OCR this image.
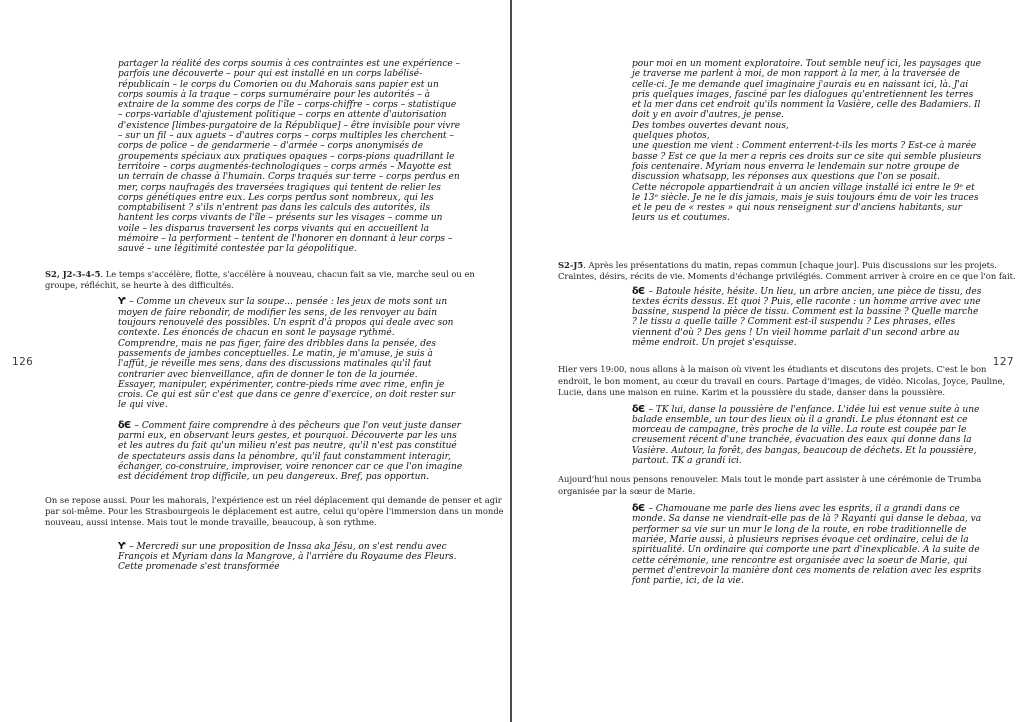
126

partager la réalité des corps soumis à ces contraintes est une expérience – parfois une découverte – pour qui est installé en un corps labélisé-républicain – le corps du Comorien ou du Mahorais sans papier est un corps soumis à la traque – corps surnuméraire pour les autorités – à extraire de la somme des corps de l'île – corps-chiffre – corps – statistique – corps-variable d'ajustement politique – corps en attente d'autorisation d'existence [limbes-purgatoire de la République] – être invisible pour vivre – sur un fil – aux aguets – d'autres corps – corps multiples les cherchent – corps de police – de gendarmerie – d'armée – corps anonymisés de groupements spéciaux aux pratiques opaques – corps-pions quadrillant le territoire – corps augmentés-technologiques – corps armés – Mayotte est un terrain de chasse à l'humain. Corps traqués sur terre – corps perdus en mer, corps naufragés des traversées tragiques qui tentent de relier les corps génétiques entre eux. Les corps perdus sont nombreux, qui les comptabilisent ? s'ils n'entrent pas dans les calculs des autorités, ils hantent les corps vivants de l'île – présents sur les visages – comme un voile – les disparus traversent les corps vivants qui en accueillent la mémoire – la performent – tentent de l'honorer en donnant à leur corps – sauvé – une légitimité contestée par la géopolitique.

S2, J2-3-4-5. Le temps s'accélère, flotte, s'accélère à nouveau, chacun fait sa vie, marche seul ou en groupe, réfléchit, se heurte à des difficultés.

Ƴ – Comme un cheveux sur la soupe... pensée : les jeux de mots sont un moyen de faire rebondir, de modifier les sens, de les renvoyer au bain toujours renouvelé des possibles. Un esprit d'à propos qui deale avec son contexte. Les énoncés de chacun en sont le paysage rythmé.

Comprendre, mais ne pas figer, faire des dribbles dans la pensée, des passements de jambes conceptuelles. Le matin, je m'amuse, je suis à l'affût, je réveille mes sens, dans des discussions matinales qu'il faut contrarier avec bienveillance, afin de donner le ton de la journée.

Essayer, manipuler, expérimenter, contre-pieds rime avec rime, enfin je crois. Ce qui est sûr c'est que dans ce genre d'exercice, on doit rester sur le qui vive.

δЄ – Comment faire comprendre à des pêcheurs que l'on veut juste danser parmi eux, en observant leurs gestes, et pourquoi. Découverte par les uns et les autres du fait qu'un milieu n'est pas neutre, qu'il n'est pas constitué de spectateurs assis dans la pénombre, qu'il faut constamment interagir, échanger, co-construire, improviser, voire renoncer car ce que l'on imagine est décidément trop difficile, un peu dangereux. Bref, pas opportun.

On se repose aussi. Pour les mahorais, l'expérience est un réel déplacement qui demande de penser et agir par soi-même. Pour les Strasbourgeois le déplacement est autre, celui qu'opère l'immersion dans un monde nouveau, aussi intense. Mais tout le monde travaille, beaucoup, à son rythme.

Ƴ – Mercredi sur une proposition de Inssa aka Jésu, on s'est rendu avec François et Myriam dans la Mangrove, à l'arrière du Royaume des Fleurs. Cette promenade s'est transformée

127

pour moi en un moment exploratoire. Tout semble neuf ici, les paysages que je traverse me parlent à moi, de mon rapport à la mer, à la traversée de celle-ci. Je me demande quel imaginaire j'aurais eu en naissant ici, là. J'ai pris quelques images, fasciné par les dialogues qu'entretiennent les terres et la mer dans cet endroit qu'ils nomment la Vasière, celle des Badamiers. Il doit y en avoir d'autres, je pense.

Des tombes ouvertes devant nous,

quelques photos,

une question me vient : Comment enterrent-t-ils les morts ? Est-ce à marée basse ? Est ce que la mer a repris ces droits sur ce site qui semble plusieurs fois centenaire. Myriam nous enverra le lendemain sur notre groupe de discussion whatsapp, les réponses aux questions que l'on se posait.

Cette nécropole appartiendrait à un ancien village installé ici entre le 9ᵉ et le 13ᵉ siècle. Je ne le dis jamais, mais je suis toujours ému de voir les traces et le peu de « restes » qui nous renseignent sur d'anciens habitants, sur leurs us et coutumes.

S2-J5. Après les présentations du matin, repas commun [chaque jour]. Puis discussions sur les projets. Craintes, désirs, récits de vie. Moments d'échange privilégiés. Comment arriver à croire en ce que l'on fait.

δЄ – Batoule hésite, hésite. Un lieu, un arbre ancien, une pièce de tissu, des textes écrits dessus. Et quoi ? Puis, elle raconte : un homme arrive avec une bassine, suspend la pièce de tissu. Comment est la bassine ? Quelle marche ? le tissu a quelle taille ? Comment est-il suspendu ? Les phrases, elles viennent d'où ? Des gens ! Un vieil homme parlait d'un second arbre au même endroit. Un projet s'esquisse.

Hier vers 19:00, nous allons à la maison où vivent les étudiants et discutons des projets. C'est le bon endroit, le bon moment, au cœur du travail en cours. Partage d'images, de vidéo. Nicolas, Joyce, Pauline, Lucie, dans une maison en ruine. Karim et la poussière du stade, danser dans la poussière.

δЄ – TK lui, danse la poussière de l'enfance. L'idée lui est venue suite à une balade ensemble, un tour des lieux où il a grandi. Le plus étonnant est ce morceau de campagne, très proche de la ville. La route est coupée par le creusement récent d'une tranchée, évacuation des eaux qui donne dans la Vasière. Autour, la forêt, des bangas, beaucoup de déchets. Et la poussière, partout. TK a grandi ici.

Aujourd'hui nous pensons renouveler. Mais tout le monde part assister à une cérémonie de Trumba organisée par la sœur de Marie.

δЄ – Chamouane me parle des liens avec les esprits, il a grandi dans ce monde. Sa danse ne viendrait-elle pas de là ? Rayanti qui danse le debaa, va performer sa vie sur un mur le long de la route, en robe traditionnelle de mariée, Marie aussi, à plusieurs reprises évoque cet ordinaire, celui de la spiritualité. Un ordinaire qui comporte une part d'inexplicable. A la suite de cette cérémonie, une rencontre est organisée avec la soeur de Marie, qui permet d'entrevoir la manière dont ces moments de relation avec les esprits font partie, ici, de la vie.
